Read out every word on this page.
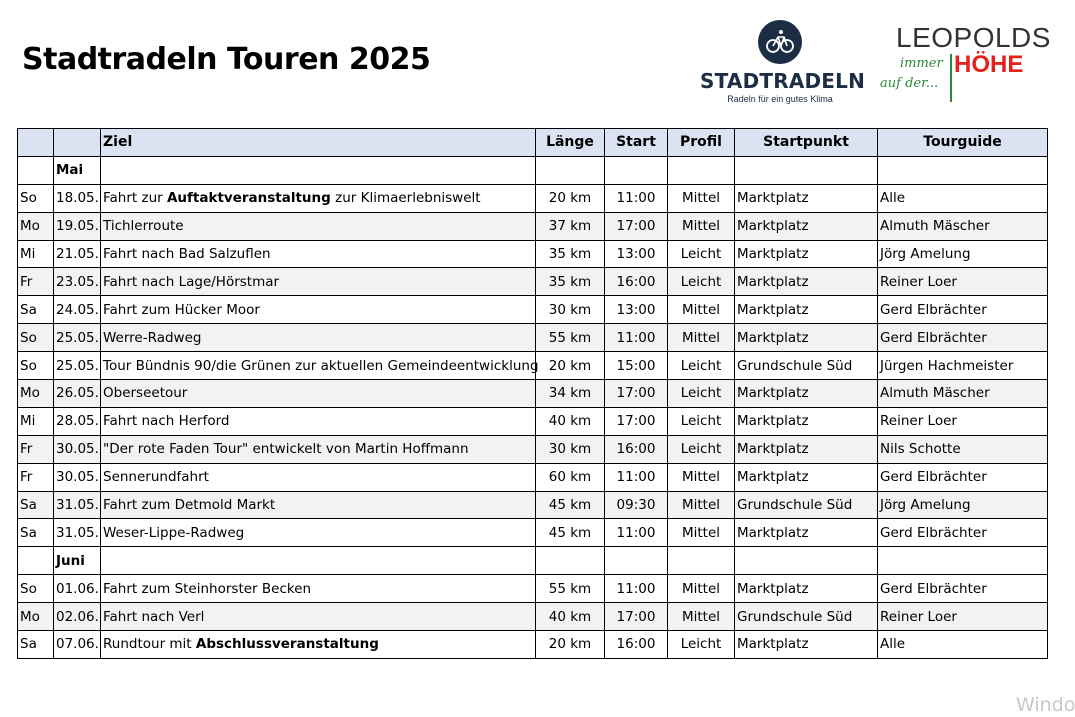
Stadtradeln Touren 2025
STADTRADELN
Radeln für ein gutes Klima
LEOPOLDS
HÖHE
immer
auf der...
		Ziel	Länge	Start	Profil	Startpunkt	Tourguide
	Mai						
So	18.05.	Fahrt zur Auftaktveranstaltung zur Klimaerlebniswelt	20 km	11:00	Mittel	Marktplatz	Alle
Mo	19.05.	Tichlerroute	37 km	17:00	Mittel	Marktplatz	Almuth Mäscher
Mi	21.05.	Fahrt nach Bad Salzuflen	35 km	13:00	Leicht	Marktplatz	Jörg Amelung
Fr	23.05.	Fahrt nach Lage/Hörstmar	35 km	16:00	Leicht	Marktplatz	Reiner Loer
Sa	24.05.	Fahrt zum Hücker Moor	30 km	13:00	Mittel	Marktplatz	Gerd Elbrächter
So	25.05.	Werre-Radweg	55 km	11:00	Mittel	Marktplatz	Gerd Elbrächter
So	25.05.	Tour Bündnis 90/die Grünen zur aktuellen Gemeindeentwicklung	20 km	15:00	Leicht	Grundschule Süd	Jürgen Hachmeister
Mo	26.05.	Oberseetour	34 km	17:00	Leicht	Marktplatz	Almuth Mäscher
Mi	28.05.	Fahrt nach Herford	40 km	17:00	Leicht	Marktplatz	Reiner Loer
Fr	30.05.	"Der rote Faden Tour" entwickelt von Martin Hoffmann	30 km	16:00	Leicht	Marktplatz	Nils Schotte
Fr	30.05.	Sennerundfahrt	60 km	11:00	Mittel	Marktplatz	Gerd Elbrächter
Sa	31.05.	Fahrt zum Detmold Markt	45 km	09:30	Mittel	Grundschule Süd	Jörg Amelung
Sa	31.05.	Weser-Lippe-Radweg	45 km	11:00	Mittel	Marktplatz	Gerd Elbrächter
	Juni						
So	01.06.	Fahrt zum Steinhorster Becken	55 km	11:00	Mittel	Marktplatz	Gerd Elbrächter
Mo	02.06.	Fahrt nach Verl	40 km	17:00	Mittel	Grundschule Süd	Reiner Loer
Sa	07.06.	Rundtour mit Abschlussveranstaltung	20 km	16:00	Leicht	Marktplatz	Alle
Windo
